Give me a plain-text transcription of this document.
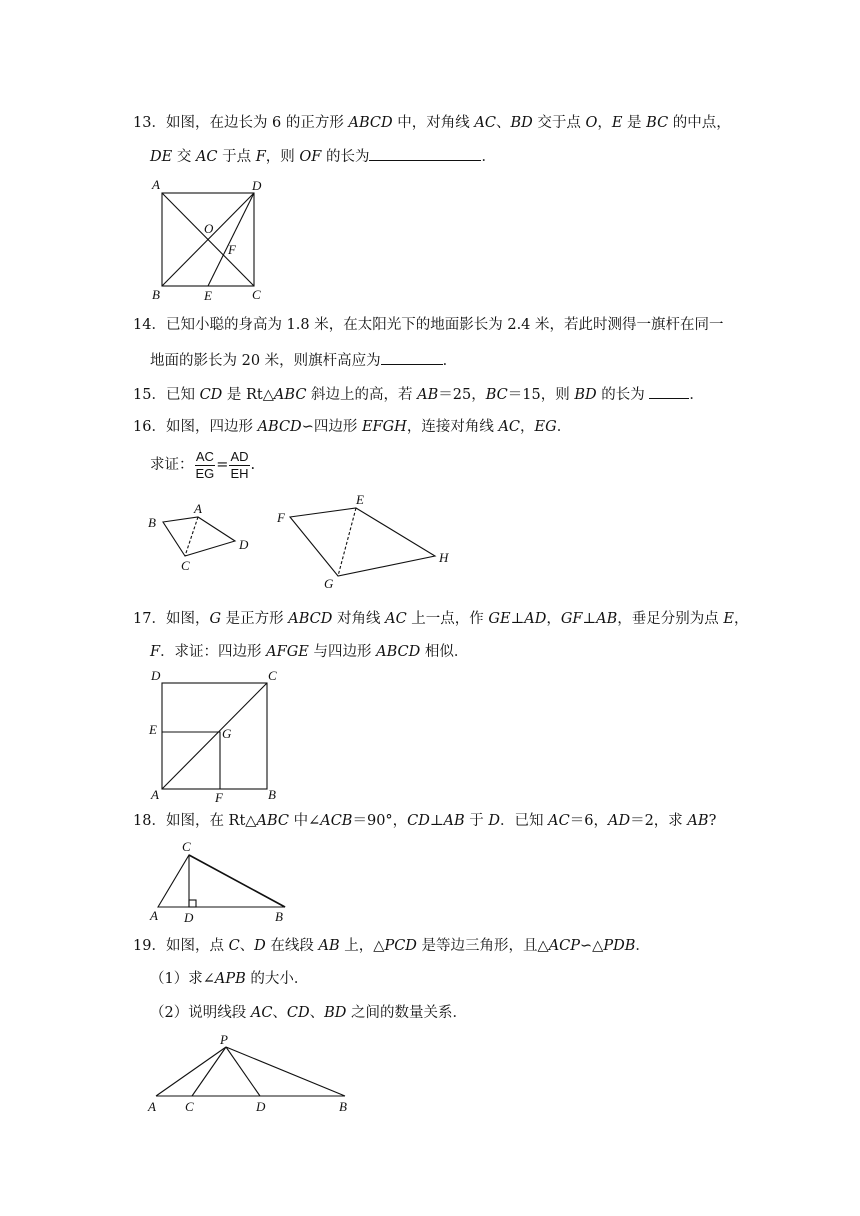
13．如图，在边长为 6 的正方形 ABCD 中，对角线 AC、BD 交于点 O，E 是 BC 的中点，
DE 交 AC 于点 F，则 OF 的长为	．
A	D
O
F
B	E	C
14．已知小聪的身高为 1.8 米，在太阳光下的地面影长为 2.4 米，若此时测得一旗杆在同一
地面的影长为 20 米，则旗杆高应为	．
15．已知 CD 是 Rt△ABC 斜边上的高，若 AB＝25，BC＝15，则 BD 的长为	．
16．如图，四边形 ABCD∽四边形 EFGH，连接对角线 AC，EG．
求证： $\frac{AC}{EG} = \frac{AD}{EH}$ .
A
B
C
D
E
F
G
H
17．如图，G 是正方形 ABCD 对角线 AC 上一点，作 GE⊥AD，GF⊥AB，垂足分别为点 E，
F．求证：四边形 AFGE 与四边形 ABCD 相似．
D	C
E	G
A	F	B
18．如图，在 Rt△ABC 中∠ACB＝90°，CD⊥AB 于 D．已知 AC＝6，AD＝2，求 AB?
C
A D	B
19．如图，点 C、D 在线段 AB 上，△PCD 是等边三角形，且△ACP∽△PDB．
（1）求∠APB 的大小．
（2）说明线段 AC、CD、BD 之间的数量关系．
P
A C	D	B
